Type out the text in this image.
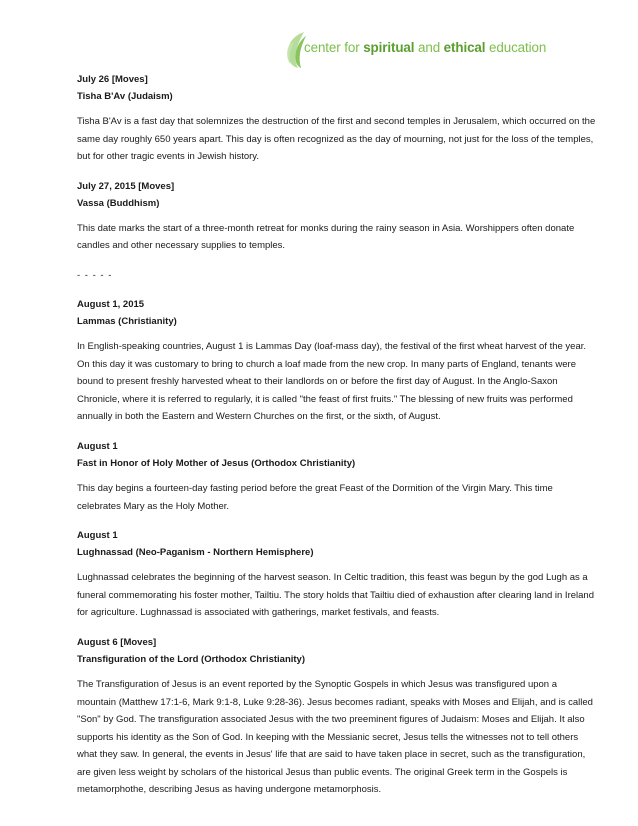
center for spiritual and ethical education

July 26 [Moves]

Tisha B'Av (Judaism)

Tisha B'Av is a fast day that solemnizes the destruction of the first and second temples in Jerusalem, which occurred on the same day roughly 650 years apart. This day is often recognized as the day of mourning, not just for the loss of the temples, but for other tragic events in Jewish history.

July 27, 2015 [Moves]

Vassa (Buddhism)

This date marks the start of a three-month retreat for monks during the rainy season in Asia. Worshippers often donate candles and other necessary supplies to temples.

- - - - -

August 1, 2015

Lammas (Christianity)

In English-speaking countries, August 1 is Lammas Day (loaf-mass day), the festival of the first wheat harvest of the year. On this day it was customary to bring to church a loaf made from the new crop. In many parts of England, tenants were bound to present freshly harvested wheat to their landlords on or before the first day of August. In the Anglo-Saxon Chronicle, where it is referred to regularly, it is called "the feast of first fruits." The blessing of new fruits was performed annually in both the Eastern and Western Churches on the first, or the sixth, of August.

August 1

Fast in Honor of Holy Mother of Jesus (Orthodox Christianity)

This day begins a fourteen-day fasting period before the great Feast of the Dormition of the Virgin Mary. This time celebrates Mary as the Holy Mother.

August 1

Lughnassad (Neo-Paganism - Northern Hemisphere)

Lughnassad celebrates the beginning of the harvest season. In Celtic tradition, this feast was begun by the god Lugh as a funeral commemorating his foster mother, Tailtiu. The story holds that Tailtiu died of exhaustion after clearing land in Ireland for agriculture. Lughnassad is associated with gatherings, market festivals, and feasts.

August 6 [Moves]

Transfiguration of the Lord (Orthodox Christianity)

The Transfiguration of Jesus is an event reported by the Synoptic Gospels in which Jesus was transfigured upon a mountain (Matthew 17:1-6, Mark 9:1-8, Luke 9:28-36). Jesus becomes radiant, speaks with Moses and Elijah, and is called "Son" by God. The transfiguration associated Jesus with the two preeminent figures of Judaism: Moses and Elijah. It also supports his identity as the Son of God. In keeping with the Messianic secret, Jesus tells the witnesses not to tell others what they saw. In general, the events in Jesus' life that are said to have taken place in secret, such as the transfiguration, are given less weight by scholars of the historical Jesus than public events. The original Greek term in the Gospels is metamorphothe, describing Jesus as having undergone metamorphosis.
